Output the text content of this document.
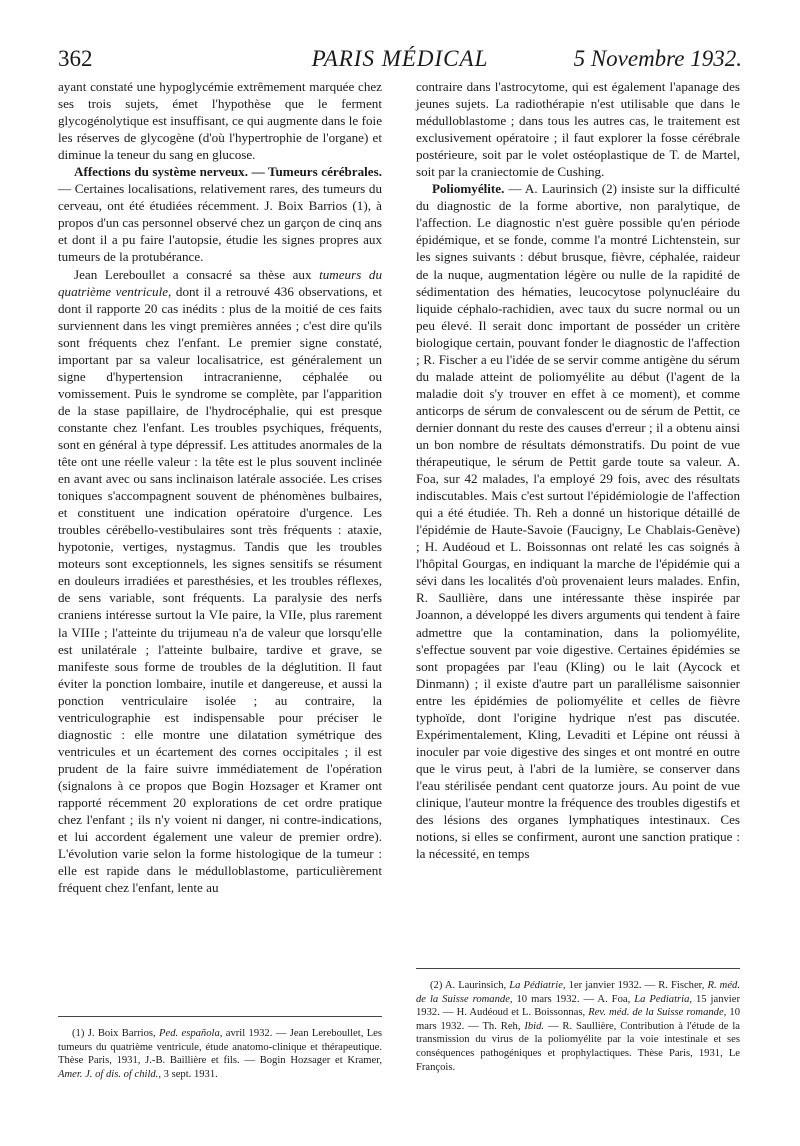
362	PARIS MÉDICAL	5 Novembre 1932.

ayant constaté une hypoglycémie extrêmement marquée chez ses trois sujets, émet l'hypothèse que le ferment glycogénolytique est insuffisant, ce qui augmente dans le foie les réserves de glycogène (d'où l'hypertrophie de l'organe) et diminue la teneur du sang en glucose.

Affections du système nerveux. — Tumeurs cérébrales. — Certaines localisations, relativement rares, des tumeurs du cerveau, ont été étudiées récemment. J. Boix Barrios (1), à propos d'un cas personnel observé chez un garçon de cinq ans et dont il a pu faire l'autopsie, étudie les signes propres aux tumeurs de la protubérance.

Jean Lereboullet a consacré sa thèse aux tumeurs du quatrième ventricule, dont il a retrouvé 436 observations, et dont il rapporte 20 cas inédits : plus de la moitié de ces faits surviennent dans les vingt premières années ; c'est dire qu'ils sont fréquents chez l'enfant. Le premier signe constaté, important par sa valeur localisatrice, est généralement un signe d'hypertension intracranienne, céphalée ou vomissement. Puis le syndrome se complète, par l'apparition de la stase papillaire, de l'hydrocéphalie, qui est presque constante chez l'enfant. Les troubles psychiques, fréquents, sont en général à type dépressif. Les attitudes anormales de la tête ont une réelle valeur : la tête est le plus souvent inclinée en avant avec ou sans inclinaison latérale associée. Les crises toniques s'accompagnent souvent de phénomènes bulbaires, et constituent une indication opératoire d'urgence. Les troubles cérébello-vestibulaires sont très fréquents : ataxie, hypotonie, vertiges, nystagmus. Tandis que les troubles moteurs sont exceptionnels, les signes sensitifs se résument en douleurs irradiées et paresthésies, et les troubles réflexes, de sens variable, sont fréquents. La paralysie des nerfs craniens intéresse surtout la VIe paire, la VIIe, plus rarement la VIIIe ; l'atteinte du trijumeau n'a de valeur que lorsqu'elle est unilatérale ; l'atteinte bulbaire, tardive et grave, se manifeste sous forme de troubles de la déglutition. Il faut éviter la ponction lombaire, inutile et dangereuse, et aussi la ponction ventriculaire isolée ; au contraire, la ventriculographie est indispensable pour préciser le diagnostic : elle montre une dilatation symétrique des ventricules et un écartement des cornes occipitales ; il est prudent de la faire suivre immédiatement de l'opération (signalons à ce propos que Bogin Hozsager et Kramer ont rapporté récemment 20 explorations de cet ordre pratique chez l'enfant ; ils n'y voient ni danger, ni contre-indications, et lui accordent également une valeur de premier ordre). L'évolution varie selon la forme histologique de la tumeur : elle est rapide dans le médulloblastome, particulièrement fréquent chez l'enfant, lente au

(1) J. Boix Barrios, Ped. española, avril 1932. — Jean Lereboullet, Les tumeurs du quatrième ventricule, étude anatomo-clinique et thérapeutique. Thèse Paris, 1931, J.-B. Baillière et fils. — Bogin Hozsager et Kramer, Amer. J. of dis. of child., 3 sept. 1931.

contraire dans l'astrocytome, qui est également l'apanage des jeunes sujets. La radiothérapie n'est utilisable que dans le médulloblastome ; dans tous les autres cas, le traitement est exclusivement opératoire ; il faut explorer la fosse cérébrale postérieure, soit par le volet ostéoplastique de T. de Martel, soit par la craniectomie de Cushing.

Poliomyélite. — A. Laurinsich (2) insiste sur la difficulté du diagnostic de la forme abortive, non paralytique, de l'affection. Le diagnostic n'est guère possible qu'en période épidémique, et se fonde, comme l'a montré Lichtenstein, sur les signes suivants : début brusque, fièvre, céphalée, raideur de la nuque, augmentation légère ou nulle de la rapidité de sédimentation des hématies, leucocytose polynucléaire du liquide céphalo-rachidien, avec taux du sucre normal ou un peu élevé. Il serait donc important de posséder un critère biologique certain, pouvant fonder le diagnostic de l'affection ; R. Fischer a eu l'idée de se servir comme antigène du sérum du malade atteint de poliomyélite au début (l'agent de la maladie doit s'y trouver en effet à ce moment), et comme anticorps de sérum de convalescent ou de sérum de Pettit, ce dernier donnant du reste des causes d'erreur ; il a obtenu ainsi un bon nombre de résultats démonstratifs. Du point de vue thérapeutique, le sérum de Pettit garde toute sa valeur. A. Foa, sur 42 malades, l'a employé 29 fois, avec des résultats indiscutables. Mais c'est surtout l'épidémiologie de l'affection qui a été étudiée. Th. Reh a donné un historique détaillé de l'épidémie de Haute-Savoie (Faucigny, Le Chablais-Genève) ; H. Audéoud et L. Boissonnas ont relaté les cas soignés à l'hôpital Gourgas, en indiquant la marche de l'épidémie qui a sévi dans les localités d'où provenaient leurs malades. Enfin, R. Saullière, dans une intéressante thèse inspirée par Joannon, a développé les divers arguments qui tendent à faire admettre que la contamination, dans la poliomyélite, s'effectue souvent par voie digestive. Certaines épidémies se sont propagées par l'eau (Kling) ou le lait (Aycock et Dinmann) ; il existe d'autre part un parallélisme saisonnier entre les épidémies de poliomyélite et celles de fièvre typhoïde, dont l'origine hydrique n'est pas discutée. Expérimentalement, Kling, Levaditi et Lépine ont réussi à inoculer par voie digestive des singes et ont montré en outre que le virus peut, à l'abri de la lumière, se conserver dans l'eau stérilisée pendant cent quatorze jours. Au point de vue clinique, l'auteur montre la fréquence des troubles digestifs et des lésions des organes lymphatiques intestinaux. Ces notions, si elles se confirment, auront une sanction pratique : la nécessité, en temps

(2) A. Laurinsich, La Pédiatrie, 1er janvier 1932. — R. Fischer, R. méd. de la Suisse romande, 10 mars 1932. — A. Foa, La Pediatria, 15 janvier 1932. — H. Audéoud et L. Boissonnas, Rev. méd. de la Suisse romande, 10 mars 1932. — Th. Reh, Ibid. — R. Saullière, Contribution à l'étude de la transmission du virus de la poliomyélite par la voie intestinale et ses conséquences pathogéniques et prophylactiques. Thèse Paris, 1931, Le François.
